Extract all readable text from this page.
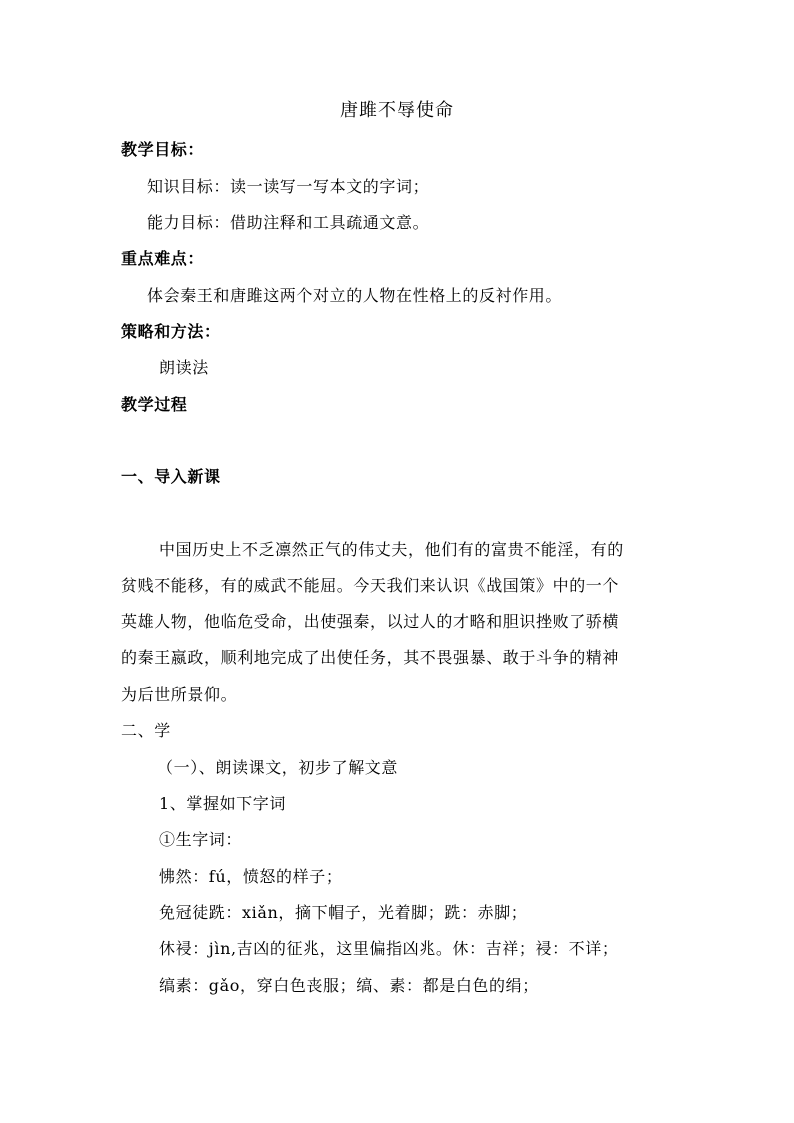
唐雎不辱使命
教学目标：
知识目标：读一读写一写本文的字词；
能力目标：借助注释和工具疏通文意。
重点难点：
体会秦王和唐雎这两个对立的人物在性格上的反衬作用。
策略和方法：
朗读法
教学过程
一、导入新课
中国历史上不乏凛然正气的伟丈夫，他们有的富贵不能淫，有的
贫贱不能移，有的威武不能屈。今天我们来认识《战国策》中的一个
英雄人物，他临危受命，出使强秦，以过人的才略和胆识挫败了骄横
的秦王嬴政，顺利地完成了出使任务，其不畏强暴、敢于斗争的精神
为后世所景仰。
二、学
（一）、朗读课文，初步了解文意
1、掌握如下字词
①生字词：
怫然：fú，愤怒的样子；
免冠徒跣：xiǎn，摘下帽子，光着脚；跣：赤脚；
休祲：jìn,吉凶的征兆，这里偏指凶兆。休：吉祥；祲：不详；
缟素：gǎo，穿白色丧服；缟、素：都是白色的绢；
